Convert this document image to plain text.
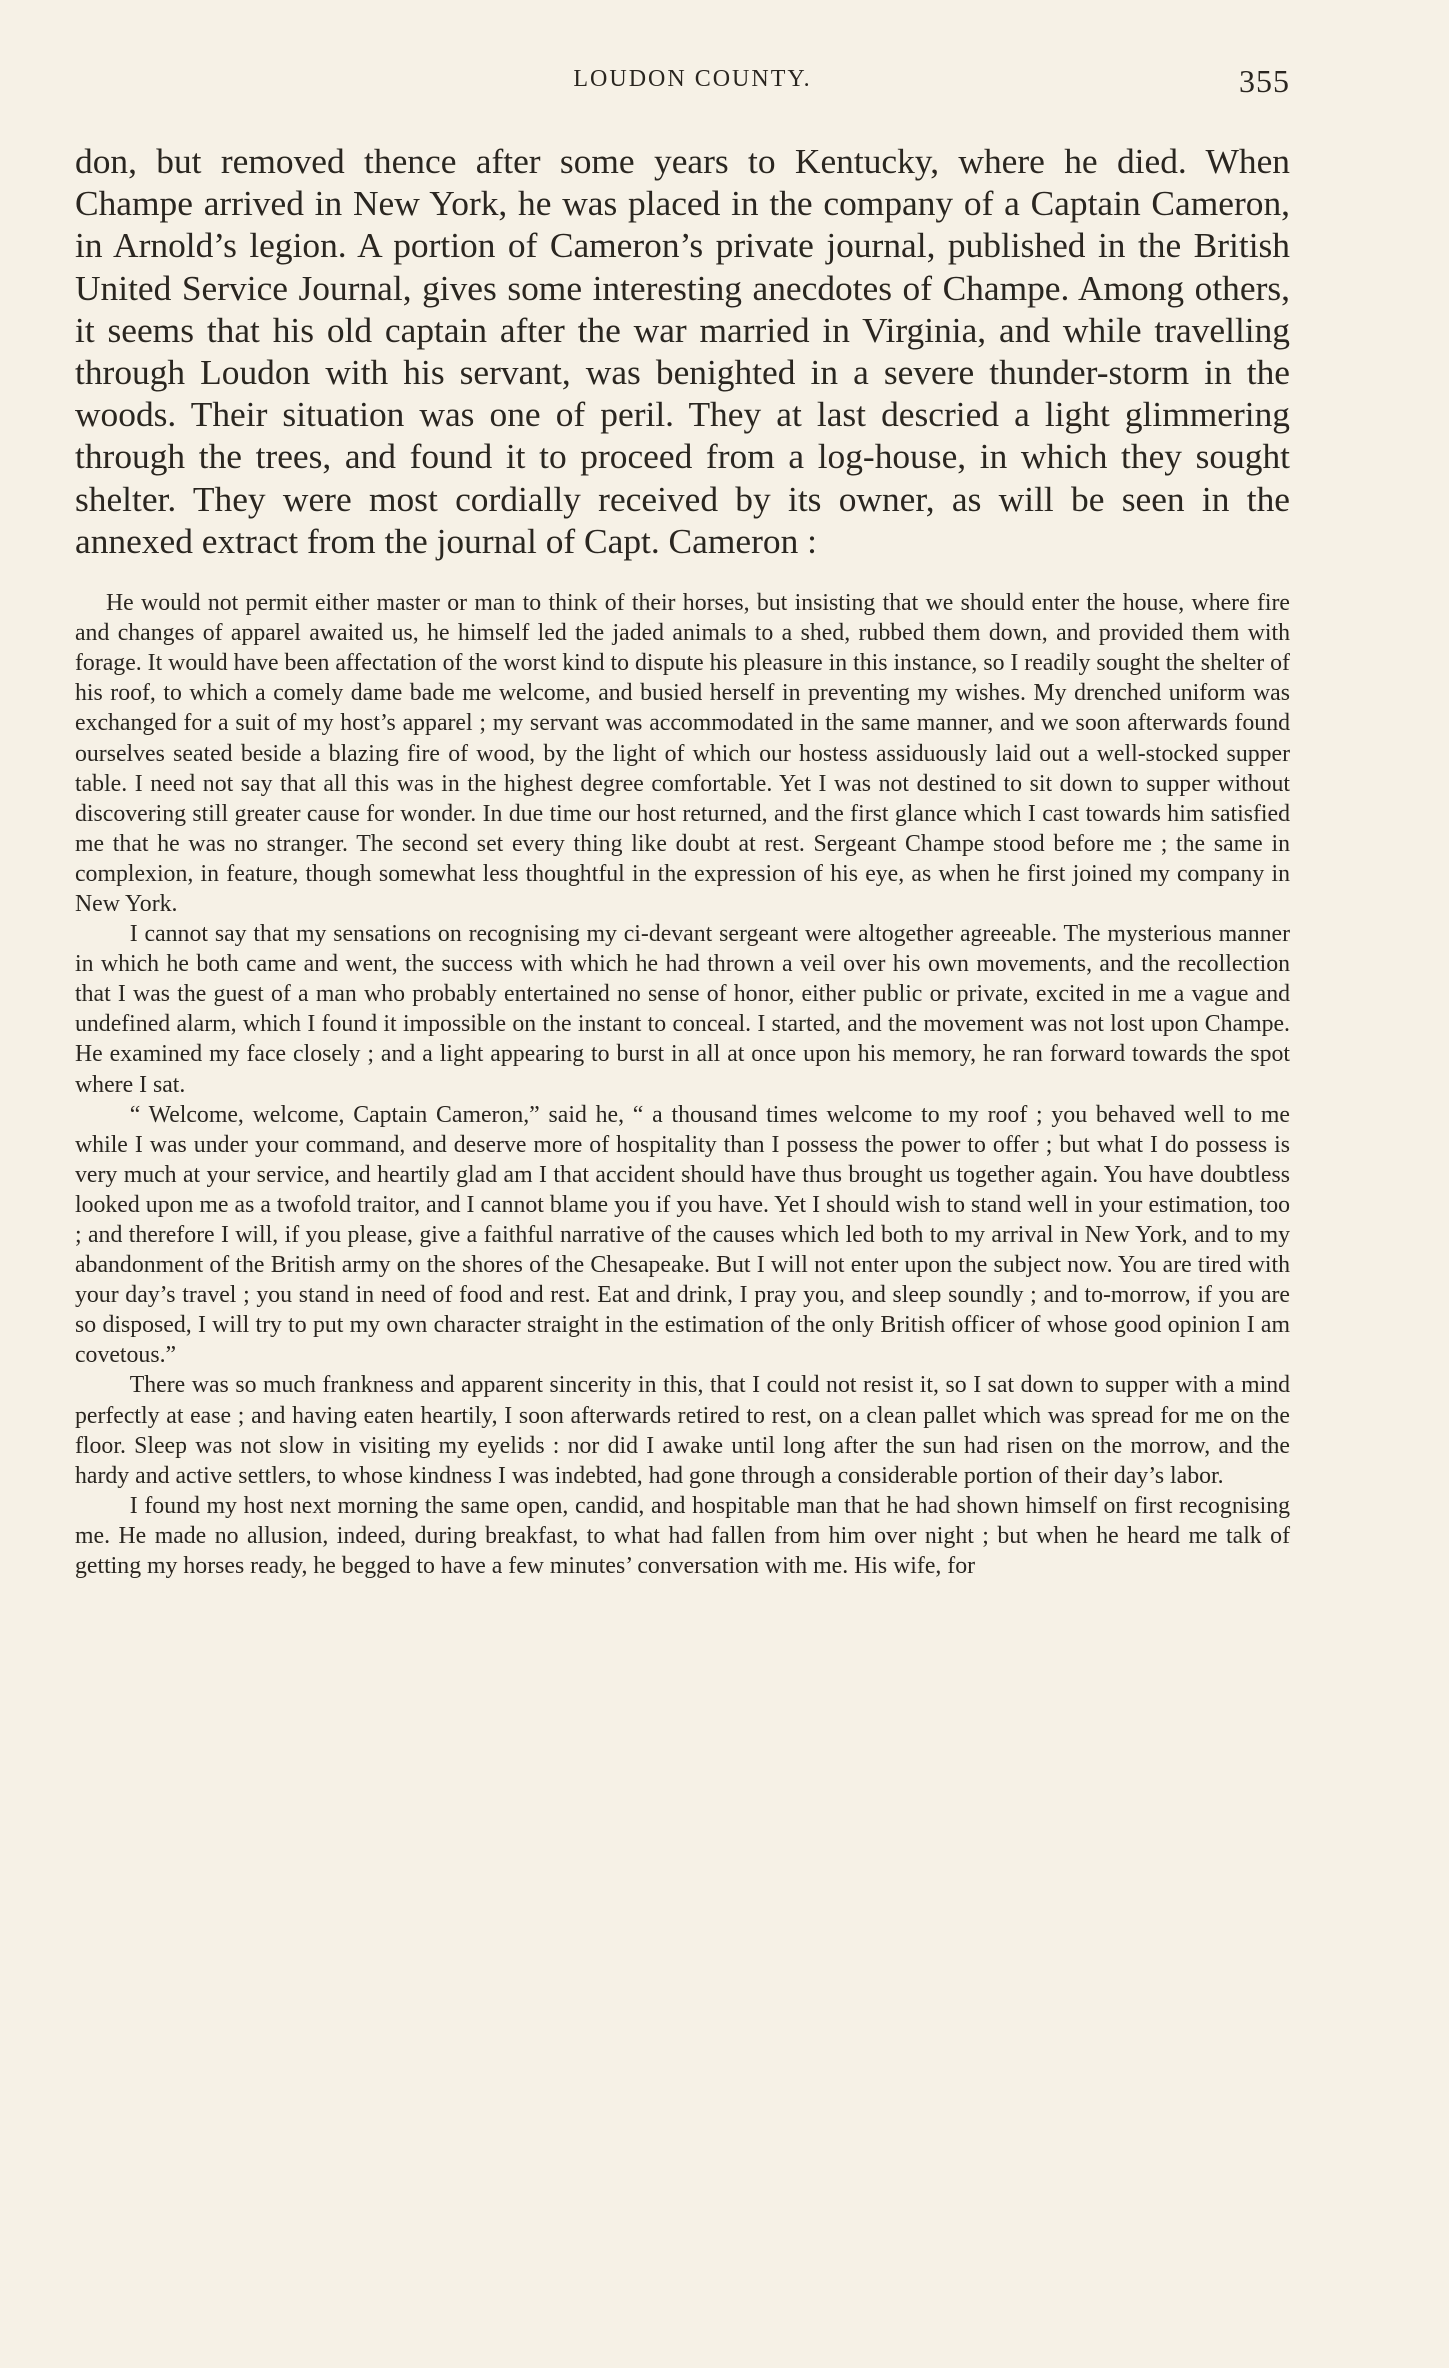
LOUDON COUNTY.	355

don, but removed thence after some years to Kentucky, where he died. When Champe arrived in New York, he was placed in the company of a Captain Cameron, in Arnold’s legion. A portion of Cameron’s private journal, published in the British United Service Journal, gives some interesting anecdotes of Champe. Among others, it seems that his old captain after the war married in Virginia, and while travelling through Loudon with his servant, was benighted in a severe thunder-storm in the woods. Their situation was one of peril. They at last descried a light glimmering through the trees, and found it to proceed from a log-house, in which they sought shelter. They were most cordially received by its owner, as will be seen in the annexed extract from the journal of Capt. Cameron :

He would not permit either master or man to think of their horses, but insisting that we should enter the house, where fire and changes of apparel awaited us, he himself led the jaded animals to a shed, rubbed them down, and provided them with forage. It would have been affectation of the worst kind to dispute his pleasure in this instance, so I readily sought the shelter of his roof, to which a comely dame bade me welcome, and busied herself in preventing my wishes. My drenched uniform was exchanged for a suit of my host’s apparel ; my servant was accommodated in the same manner, and we soon afterwards found ourselves seated beside a blazing fire of wood, by the light of which our hostess assiduously laid out a well-stocked supper table. I need not say that all this was in the highest degree comfortable. Yet I was not destined to sit down to supper without discovering still greater cause for wonder. In due time our host returned, and the first glance which I cast towards him satisfied me that he was no stranger. The second set every thing like doubt at rest. Sergeant Champe stood before me ; the same in complexion, in feature, though somewhat less thoughtful in the expression of his eye, as when he first joined my company in New York.

I cannot say that my sensations on recognising my ci-devant sergeant were altogether agreeable. The mysterious manner in which he both came and went, the success with which he had thrown a veil over his own movements, and the recollection that I was the guest of a man who probably entertained no sense of honor, either public or private, excited in me a vague and undefined alarm, which I found it impossible on the instant to conceal. I started, and the movement was not lost upon Champe. He examined my face closely ; and a light appearing to burst in all at once upon his memory, he ran forward towards the spot where I sat.

“ Welcome, welcome, Captain Cameron,” said he, “ a thousand times welcome to my roof ; you behaved well to me while I was under your command, and deserve more of hospitality than I possess the power to offer ; but what I do possess is very much at your service, and heartily glad am I that accident should have thus brought us together again. You have doubtless looked upon me as a twofold traitor, and I cannot blame you if you have. Yet I should wish to stand well in your estimation, too ; and therefore I will, if you please, give a faithful narrative of the causes which led both to my arrival in New York, and to my abandonment of the British army on the shores of the Chesapeake. But I will not enter upon the subject now. You are tired with your day’s travel ; you stand in need of food and rest. Eat and drink, I pray you, and sleep soundly ; and to-morrow, if you are so disposed, I will try to put my own character straight in the estimation of the only British officer of whose good opinion I am covetous.”

There was so much frankness and apparent sincerity in this, that I could not resist it, so I sat down to supper with a mind perfectly at ease ; and having eaten heartily, I soon afterwards retired to rest, on a clean pallet which was spread for me on the floor. Sleep was not slow in visiting my eyelids : nor did I awake until long after the sun had risen on the morrow, and the hardy and active settlers, to whose kindness I was indebted, had gone through a considerable portion of their day’s labor.

I found my host next morning the same open, candid, and hospitable man that he had shown himself on first recognising me. He made no allusion, indeed, during breakfast, to what had fallen from him over night ; but when he heard me talk of getting my horses ready, he begged to have a few minutes’ conversation with me. His wife, for
